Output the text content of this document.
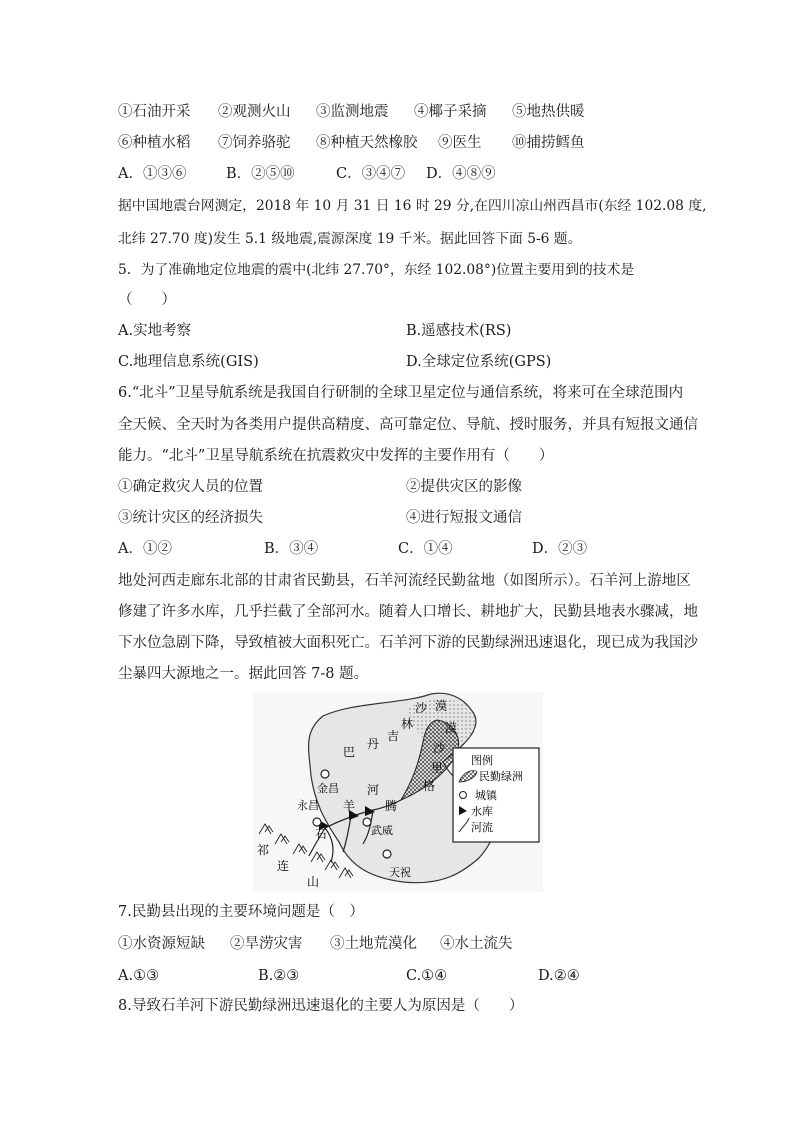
①石油开采 ②观测火山 ③监测地震 ④椰子采摘 ⑤地热供暖
⑥种植水稻 ⑦饲养骆驼 ⑧种植天然橡胶 ⑨医生 ⑩捕捞鳕鱼
A．①③⑥	B．②⑤⑩	C．③④⑦ D．④⑧⑨
据中国地震台网测定，2018 年 10 月 31 日 16 时 29 分,在四川凉山州西昌市(东经 102.08 度,
北纬 27.70 度)发生 5.1 级地震,震源深度 19 千米。据此回答下面 5-6 题。
5．为了准确地定位地震的震中(北纬 27.70°，东经 102.08°)位置主要用到的技术是
（　　）
A.实地考察	B.遥感技术(RS)
C.地理信息系统(GIS)	D.全球定位系统(GPS)
6.“北斗”卫星导航系统是我国自行研制的全球卫星定位与通信系统，将来可在全球范围内
全天候、全天时为各类用户提供高精度、高可靠定位、导航、授时服务，并具有短报文通信
能力。“北斗”卫星导航系统在抗震救灾中发挥的主要作用有（　　）
①确定救灾人员的位置	②提供灾区的影像
③统计灾区的经济损失	④进行短报文通信
A．①②	B．③④	C．①④	D．②③
地处河西走廊东北部的甘肃省民勤县，石羊河流经民勤盆地（如图所示）。石羊河上游地区
修建了许多水库，几乎拦截了全部河水。随着人口增长、耕地扩大，民勤县地表水骤减，地
下水位急剧下降，导致植被大面积死亡。石羊河下游的民勤绿洲迅速退化，现已成为我国沙
尘暴四大源地之一。据此回答 7-8 题。
金昌
永昌
武威
天祝
巴
丹
吉
林
沙 漠
腾
格
里
沙
漠
石
羊
河
祁
连
山
图例
民勤绿洲
城镇
水库
河流
7.民勤县出现的主要环境问题是（　）
①水资源短缺 ②旱涝灾害 ③土地荒漠化 ④水土流失
A.①③	B.②③	C.①④	D.②④
8.导致石羊河下游民勤绿洲迅速退化的主要人为原因是（　　）
